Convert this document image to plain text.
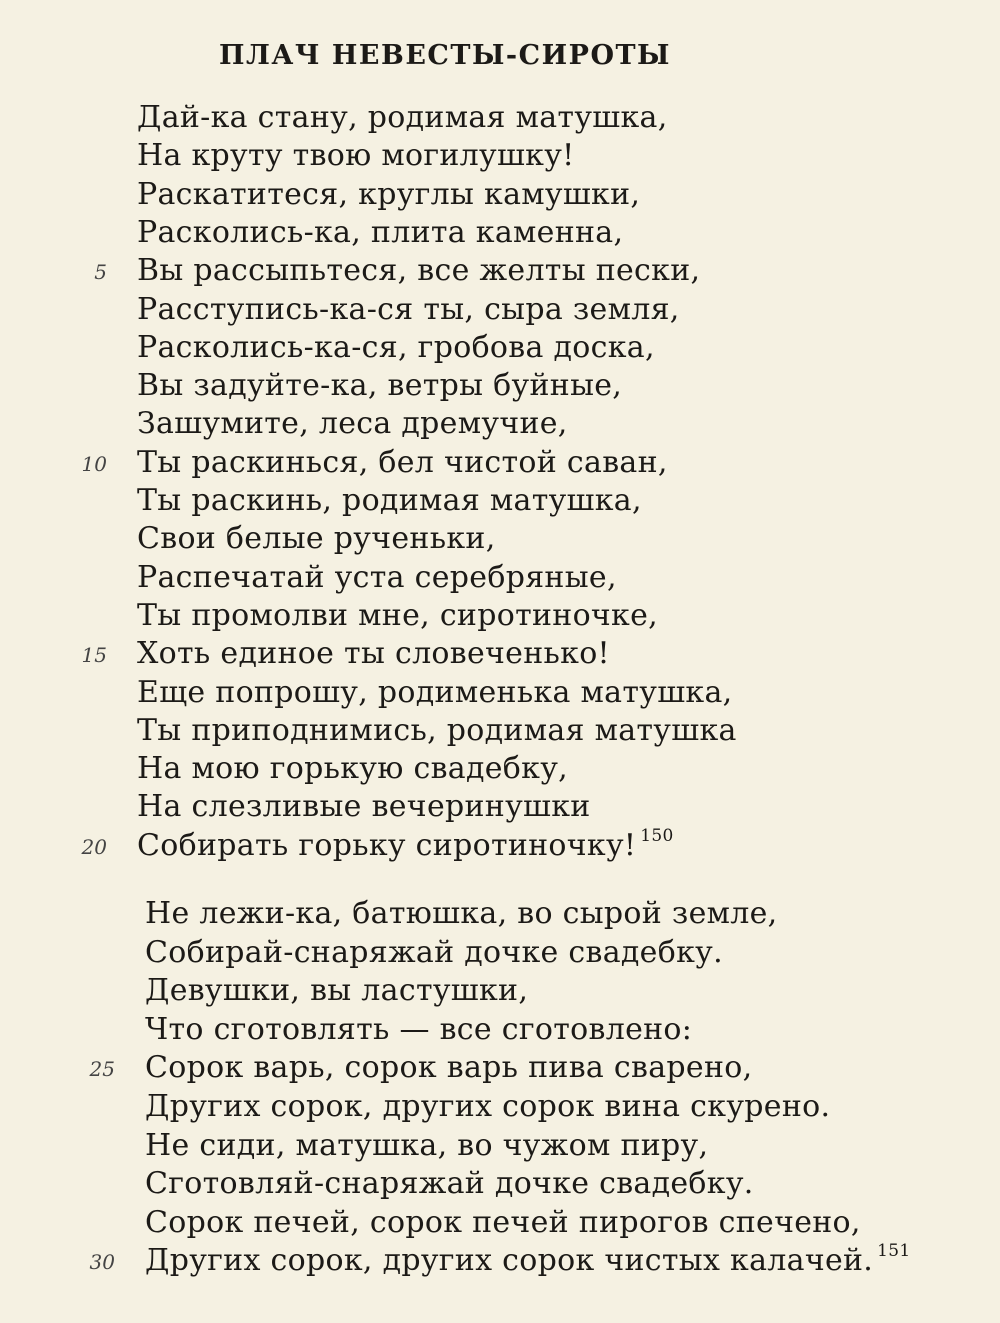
ПЛАЧ НЕВЕСТЫ-СИРОТЫ
Дай-ка стану, родимая матушка,
На круту твою могилушку!
Раскатитеся, круглы камушки,
Расколись-ка, плита каменна,
5 Вы рассыпьтеся, все желты пески,
Расступись-ка-ся ты, сыра земля,
Расколись-ка-ся, гробова доска,
Вы задуйте-ка, ветры буйные,
Зашумите, леса дремучие,
10 Ты раскинься, бел чистой саван,
Ты раскинь, родимая матушка,
Свои белые рученьки,
Распечатай уста серебряные,
Ты промолви мне, сиротиночке,
15 Хоть единое ты словеченько!
Еще попрошу, родименька матушка,
Ты приподнимись, родимая матушка
На мою горькую свадебку,
На слезливые вечеринушки
20 Собирать горьку сиротиночку! $^{150}$
Не лежи-ка, батюшка, во сырой земле,
Собирай-снаряжай дочке свадебку.
Девушки, вы ластушки,
Что сготовлять — все сготовлено:
25 Сорок варь, сорок варь пива сварено,
Других сорок, других сорок вина скурено.
Не сиди, матушка, во чужом пиру,
Сготовляй-снаряжай дочке свадебку.
Сорок печей, сорок печей пирогов спечено,
30 Других сорок, других сорок чистых калачей. $^{151}$
